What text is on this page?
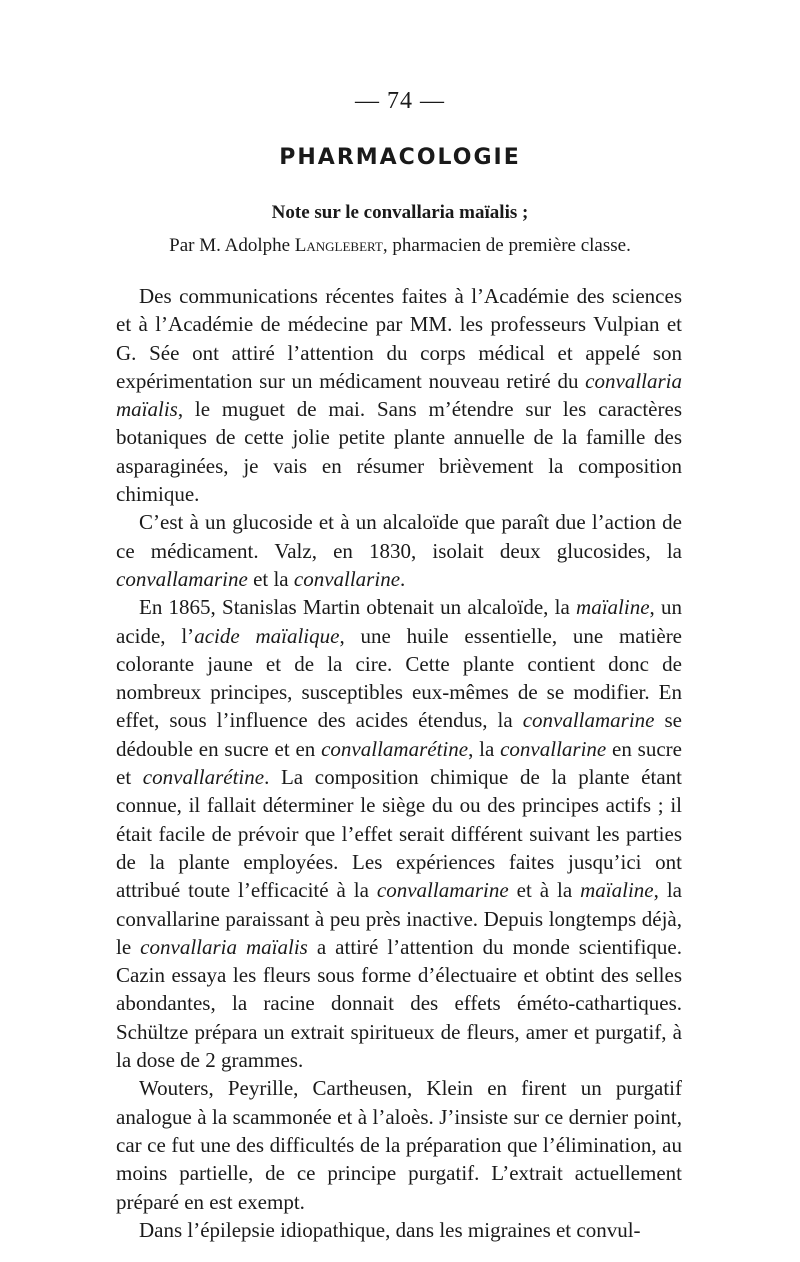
— 74 —
PHARMACOLOGIE
Note sur le convallaria maïalis ;
Par M. Adolphe Langlebert, pharmacien de première classe.

Des communications récentes faites à l’Académie des sciences et à l’Académie de médecine par MM. les professeurs Vulpian et G. Sée ont attiré l’attention du corps médical et appelé son expérimentation sur un médicament nouveau retiré du convallaria maïalis, le muguet de mai. Sans m’étendre sur les caractères botaniques de cette jolie petite plante annuelle de la famille des asparaginées, je vais en résumer brièvement la composition chimique.

C’est à un glucoside et à un alcaloïde que paraît due l’action de ce médicament. Valz, en 1830, isolait deux glucosides, la convallamarine et la convallarine.

En 1865, Stanislas Martin obtenait un alcaloïde, la maïaline, un acide, l’acide maïalique, une huile essentielle, une matière colorante jaune et de la cire. Cette plante contient donc de nombreux principes, susceptibles eux-mêmes de se modifier. En effet, sous l’influence des acides étendus, la convallamarine se dédouble en sucre et en convallamarétine, la convallarine en sucre et convallarétine. La composition chimique de la plante étant connue, il fallait déterminer le siège du ou des principes actifs ; il était facile de prévoir que l’effet serait différent suivant les parties de la plante employées. Les expériences faites jusqu’ici ont attribué toute l’efficacité à la convallamarine et à la maïaline, la convallarine paraissant à peu près inactive. Depuis longtemps déjà, le convallaria maïalis a attiré l’attention du monde scientifique. Cazin essaya les fleurs sous forme d’électuaire et obtint des selles abondantes, la racine donnait des effets éméto-cathartiques. Schültze prépara un extrait spiritueux de fleurs, amer et purgatif, à la dose de 2 grammes.

Wouters, Peyrille, Cartheusen, Klein en firent un purgatif analogue à la scammonée et à l’aloès. J’insiste sur ce dernier point, car ce fut une des difficultés de la préparation que l’élimination, au moins partielle, de ce principe purgatif. L’extrait actuellement préparé en est exempt.

Dans l’épilepsie idiopathique, dans les migraines et convul-
